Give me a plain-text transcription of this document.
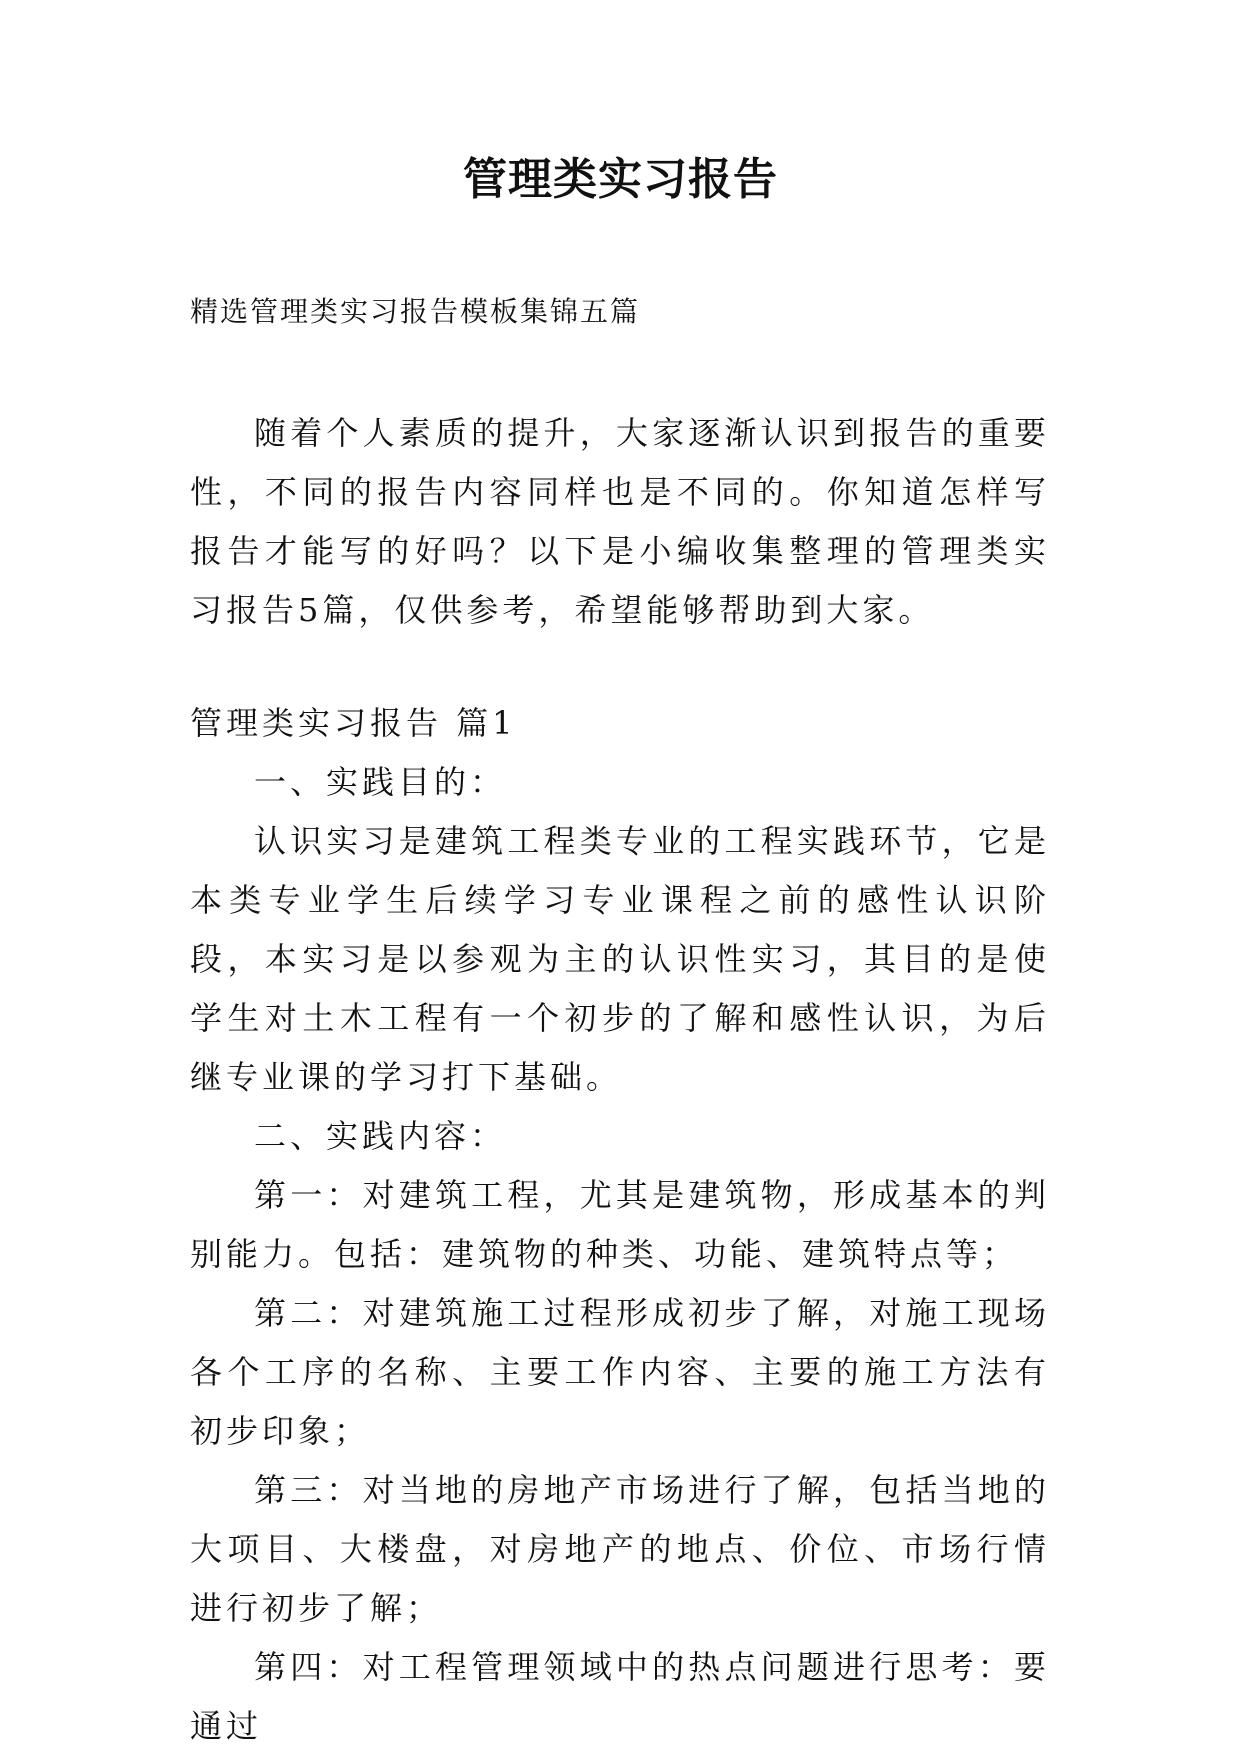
管理类实习报告
精选管理类实习报告模板集锦五篇

随着个人素质的提升，大家逐渐认识到报告的重要性，不同的报告内容同样也是不同的。你知道怎样写报告才能写的好吗？以下是小编收集整理的管理类实习报告5篇，仅供参考，希望能够帮助到大家。

管理类实习报告 篇1

一、实践目的：

认识实习是建筑工程类专业的工程实践环节，它是本类专业学生后续学习专业课程之前的感性认识阶段，本实习是以参观为主的认识性实习，其目的是使学生对土木工程有一个初步的了解和感性认识，为后继专业课的学习打下基础。

二、实践内容：

第一：对建筑工程，尤其是建筑物，形成基本的判别能力。包括：建筑物的种类、功能、建筑特点等；

第二：对建筑施工过程形成初步了解，对施工现场各个工序的名称、主要工作内容、主要的施工方法有初步印象；

第三：对当地的房地产市场进行了解，包括当地的大项目、大楼盘，对房地产的地点、价位、市场行情进行初步了解；

第四：对工程管理领域中的热点问题进行思考：要通过
